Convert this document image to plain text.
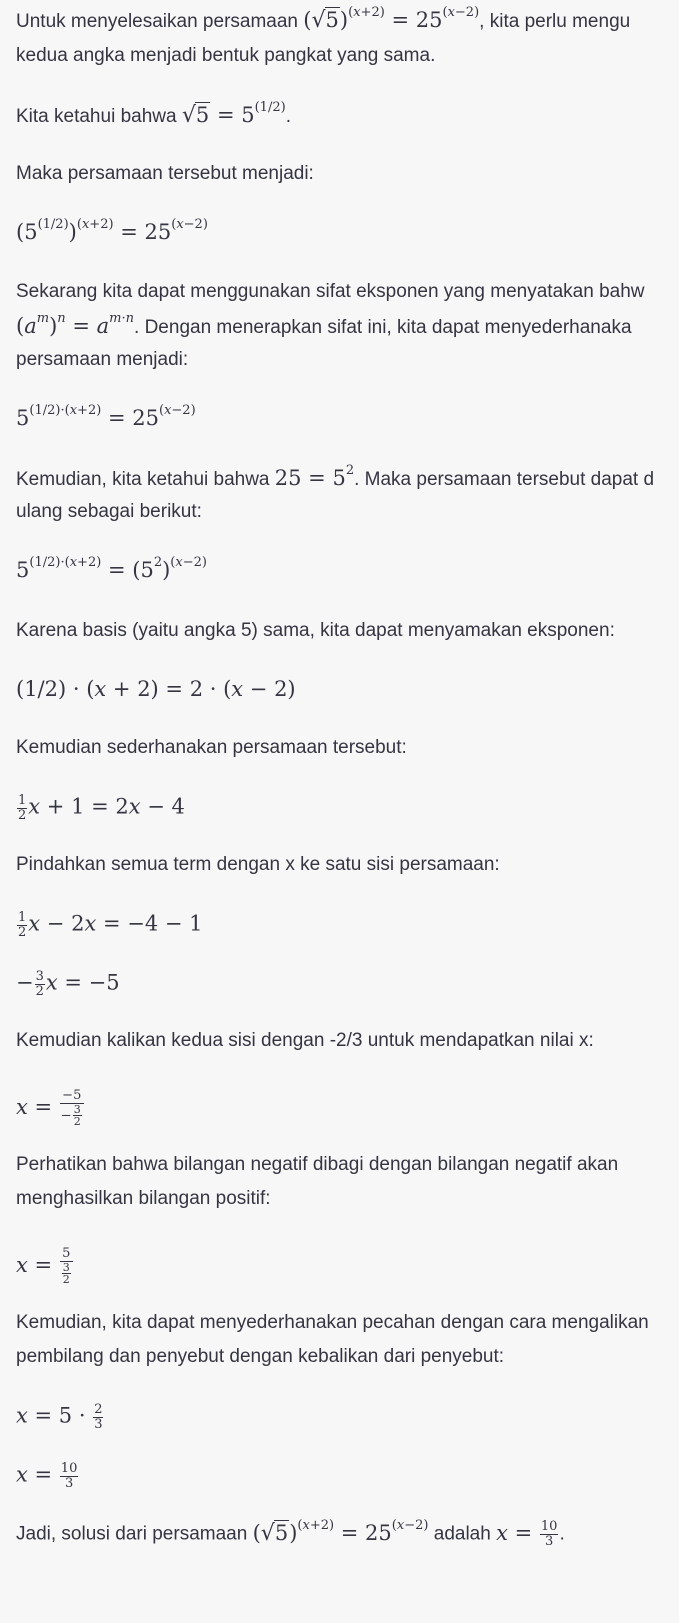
Untuk menyelesaikan persamaan $(√5)^{(x+2)} = 25^{(x-2)}$, kita perlu mengu
kedua angka menjadi bentuk pangkat yang sama.
Kita ketahui bahwa $√5 = 5^{(1/2)}$.
Maka persamaan tersebut menjadi:
$(5^{(1/2)})^{(x+2)} = 25^{(x-2)}$
Sekarang kita dapat menggunakan sifat eksponen yang menyatakan bahw
$(a^m)^n = a^{m\cdot n}$. Dengan menerapkan sifat ini, kita dapat menyederhanaka
persamaan menjadi:
$5^{(1/2)\cdot(x+2)} = 25^{(x-2)}$
Kemudian, kita ketahui bahwa $25 = 5^2$. Maka persamaan tersebut dapat d
ulang sebagai berikut:
$5^{(1/2)\cdot(x+2)} = (5^2)^{(x-2)}$
Karena basis (yaitu angka 5) sama, kita dapat menyamakan eksponen:
(1/2) · (x + 2) = 2 · (x − 2)
Kemudian sederhanakan persamaan tersebut:
$\frac{1}{2}$ x + 1 = 2x − 4
Pindahkan semua term dengan x ke satu sisi persamaan:
$\frac{1}{2}$ x − 2x = −4 − 1
− $\frac{3}{2}$ x = −5
Kemudian kalikan kedua sisi dengan -2/3 untuk mendapatkan nilai x:
$x = \frac{-5}{- \frac{3}{2}}$
Perhatikan bahwa bilangan negatif dibagi dengan bilangan negatif akan
menghasilkan bilangan positif:
$x = \frac{5}{\frac{3}{2}}$
Kemudian, kita dapat menyederhanakan pecahan dengan cara mengalikan
pembilang dan penyebut dengan kebalikan dari penyebut:
$x = 5 \cdot \frac{2}{3}$
$x = \frac{10}{3}$
Jadi, solusi dari persamaan $(√5)^{(x+2)} = 25^{(x-2)}$ adalah $x = \frac{10}{3}$ .
